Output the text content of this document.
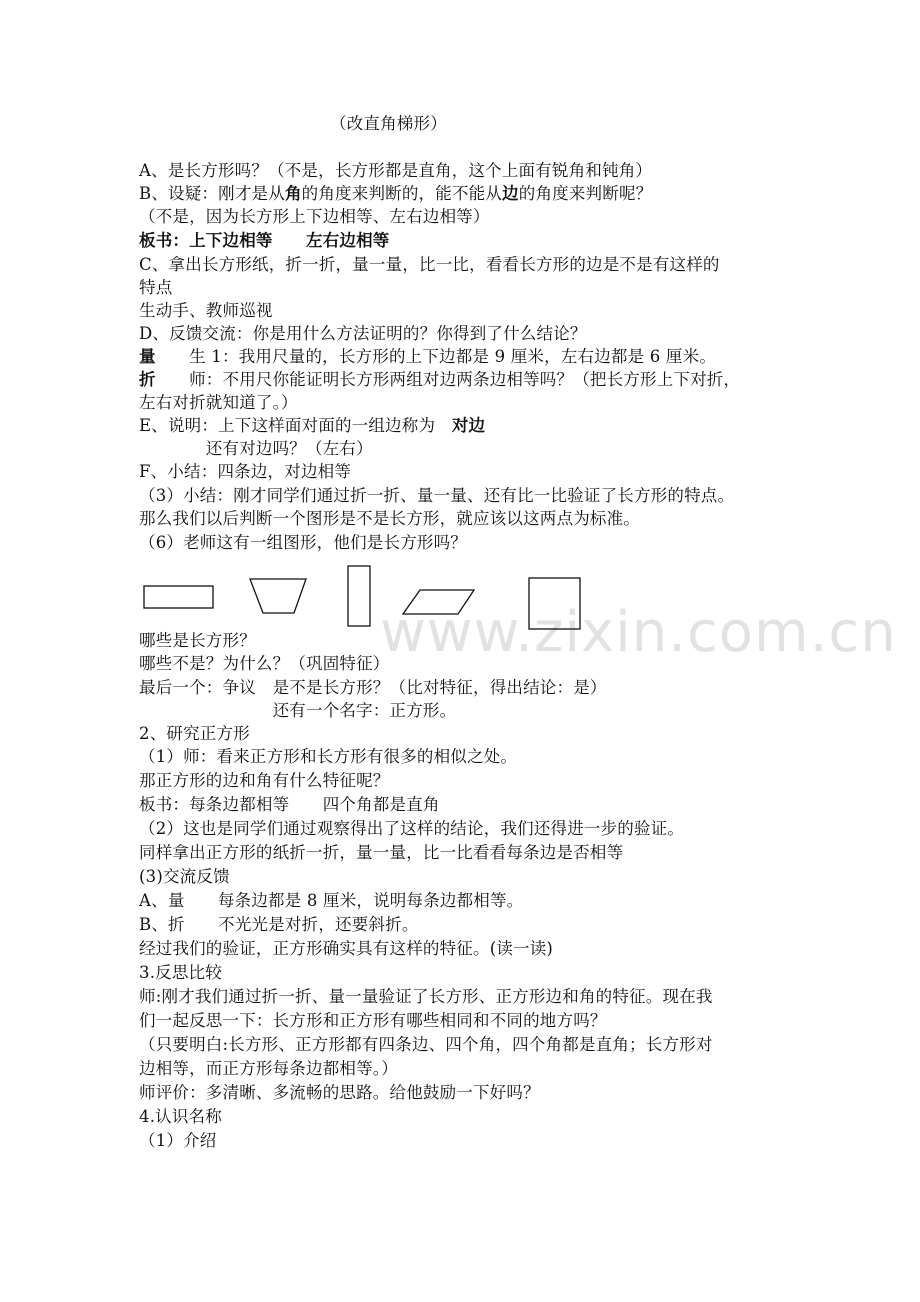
www.zixin.com.cn
（改直角梯形）
A、是长方形吗？（不是，长方形都是直角，这个上面有锐角和钝角）
B、设疑：刚才是从角的角度来判断的，能不能从边的角度来判断呢？
（不是，因为长方形上下边相等、左右边相等）
板书：上下边相等　　左右边相等
C、拿出长方形纸，折一折，量一量，比一比，看看长方形的边是不是有这样的
特点
生动手、教师巡视
D、反馈交流：你是用什么方法证明的？你得到了什么结论？
量　　生 1：我用尺量的，长方形的上下边都是 9 厘米，左右边都是 6 厘米。
折　　师：不用尺你能证明长方形两组对边两条边相等吗？（把长方形上下对折，
左右对折就知道了。）
E、说明：上下这样面对面的一组边称为　对边
　　　　还有对边吗？（左右）
F、小结：四条边，对边相等
（3）小结：刚才同学们通过折一折、量一量、还有比一比验证了长方形的特点。
那么我们以后判断一个图形是不是长方形，就应该以这两点为标准。
（6）老师这有一组图形，他们是长方形吗？
哪些是长方形？
哪些不是？为什么？（巩固特征）
最后一个：争议　是不是长方形？（比对特征，得出结论：是）
　　　　　　　　还有一个名字：正方形。
2、研究正方形
（1）师：看来正方形和长方形有很多的相似之处。
那正方形的边和角有什么特征呢？
板书：每条边都相等　　四个角都是直角
（2）这也是同学们通过观察得出了这样的结论，我们还得进一步的验证。
同样拿出正方形的纸折一折，量一量，比一比看看每条边是否相等
(3)交流反馈
A、量　　每条边都是 8 厘米，说明每条边都相等。
B、折　　不光光是对折，还要斜折。
经过我们的验证，正方形确实具有这样的特征。(读一读)
3.反思比较
师:刚才我们通过折一折、量一量验证了长方形、正方形边和角的特征。现在我
们一起反思一下：长方形和正方形有哪些相同和不同的地方吗？
（只要明白:长方形、正方形都有四条边、四个角，四个角都是直角；长方形对
边相等，而正方形每条边都相等。）
师评价：多清晰、多流畅的思路。给他鼓励一下好吗？
4.认识名称
（1）介绍
